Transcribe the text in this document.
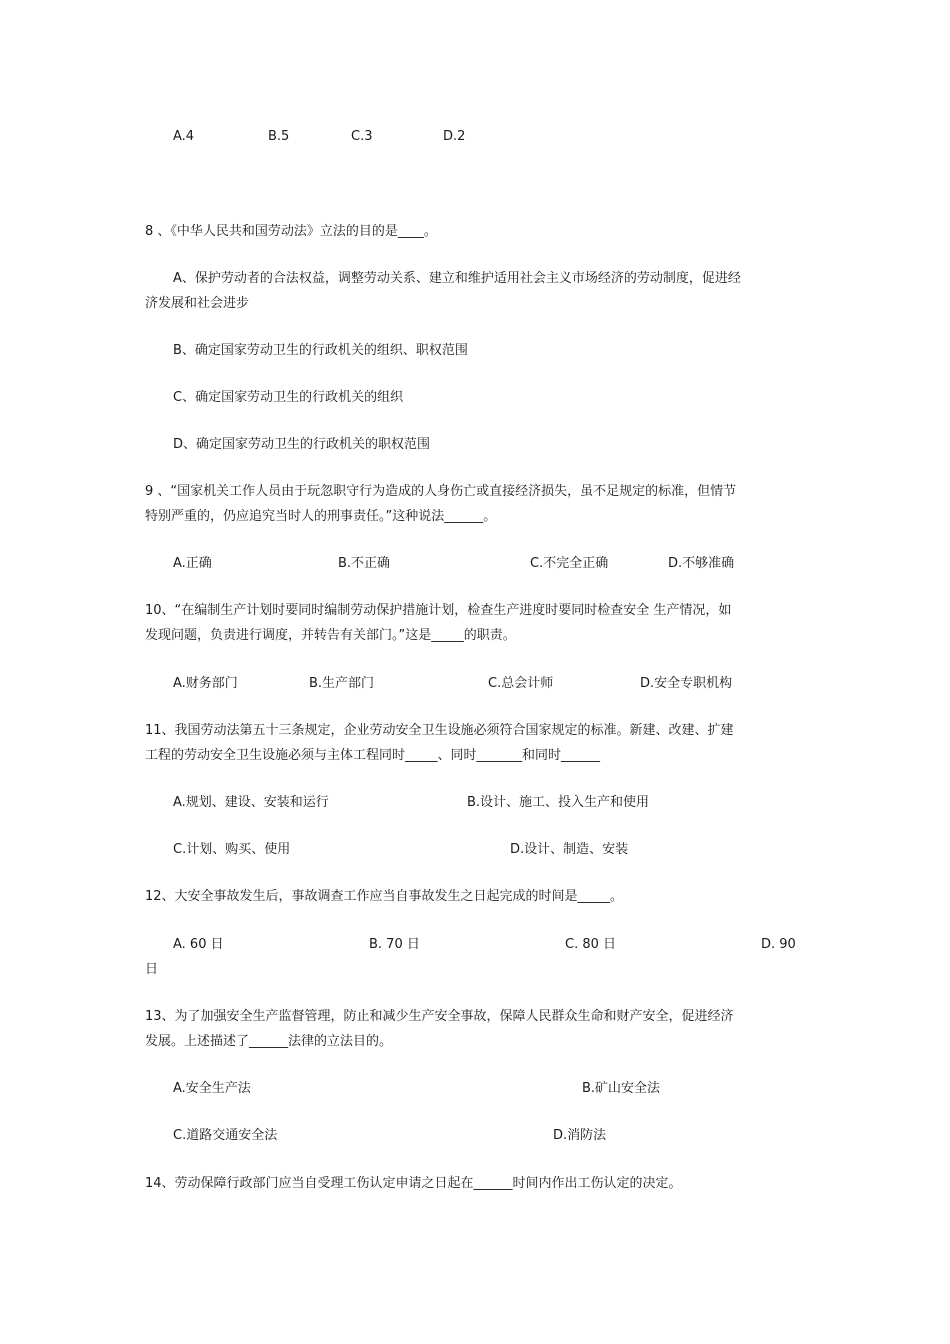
A.4	B.5	C.3	D.2
8 、《中华人民共和国劳动法》立法的目的是____。
A、保护劳动者的合法权益，调整劳动关系、建立和维护适用社会主义市场经济的劳动制度，促进经
济发展和社会进步
B、确定国家劳动卫生的行政机关的组织、职权范围
C、确定国家劳动卫生的行政机关的组织
D、确定国家劳动卫生的行政机关的职权范围
9 、“国家机关工作人员由于玩忽职守行为造成的人身伤亡或直接经济损失，虽不足规定的标准，但情节
特别严重的，仍应追究当时人的刑事责任。”这种说法______。
A.正确	B.不正确	C.不完全正确	D.不够准确
10、“在编制生产计划时要同时编制劳动保护措施计划，检查生产进度时要同时检查安全 生产情况，如
发现问题，负责进行调度，并转告有关部门。”这是_____的职责。
A.财务部门	B.生产部门	C.总会计师	D.安全专职机构
11、我国劳动法第五十三条规定，企业劳动安全卫生设施必须符合国家规定的标准。新建、改建、扩建
工程的劳动安全卫生设施必须与主体工程同时_____、同时_______和同时______
A.规划、建设、安装和运行	B.设计、施工、投入生产和使用
C.计划、购买、使用	D.设计、制造、安装
12、大安全事故发生后，事故调查工作应当自事故发生之日起完成的时间是_____。
A. 60 日	B. 70 日	C. 80 日	D. 90
日
13、为了加强安全生产监督管理，防止和减少生产安全事故，保障人民群众生命和财产安全，促进经济
发展。上述描述了______法律的立法目的。
A.安全生产法	B.矿山安全法
C.道路交通安全法	D.消防法
14、劳动保障行政部门应当自受理工伤认定申请之日起在______时间内作出工伤认定的决定。
